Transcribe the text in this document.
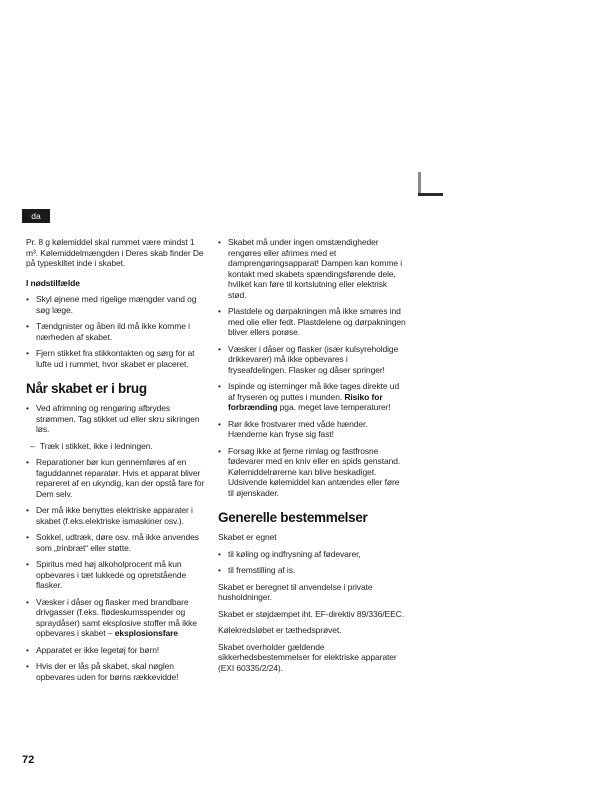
da
Pr. 8 g kølemiddel skal rummet være mindst 1 m³. Kølemiddelmængden i Deres skab finder De på typeskiltet inde i skabet.
I nødstilfælde
• Skyl øjnene med rigelige mængder vand og søg læge.
• Tændgnister og åben ild må ikke komme i nærheden af skabet.
• Fjern stikket fra stikkontakten og sørg for at lufte ud i rummet, hvor skabet er placeret.
Når skabet er i brug
• Ved afrimning og rengøring afbrydes strømmen. Tag stikket ud eller skru sikringen løs.
– Træk i stikket, ikke i ledningen.
• Reparationer bør kun gennemføres af en faguddannet reparatør. Hvis et apparat bliver repareret af en ukyndig, kan der opstå fare for Dem selv.
• Der må ikke benyttes elektriske apparater i skabet (f.eks.elektriske ismaskiner osv.).
• Sokkel, udtræk, døre osv. må ikke anvendes som „trinbræt“ eller støtte.
• Spiritus med høj alkoholprocent må kun opbevares i tæt lukkede og opretstående flasker.
• Væsker i dåser og flasker med brandbare drivgasser (f.eks. flødeskumsspender og spraydåser) samt eksplosive stoffer må ikke opbevares i skabet – eksplosionsfare
• Apparatet er ikke legetøj for børn!
• Hvis der er lås på skabet, skal nøglen opbevares uden for børns rækkevidde!
• Skabet må under ingen omstændigheder rengøres eller afrimes med et damprengøringsapparat! Dampen kan komme i kontakt med skabets spændingsførende dele, hvilket kan føre til kortslutning eller elektrisk stød.
• Plastdele og dørpakningen må ikke smøres ind med olie eller fedt. Plastdelene og dørpakningen bliver ellers porøse.
• Væsker i dåser og flasker (især kulsyreholdige drikkevarer) må ikke opbevares i fryseafdelingen. Flasker og dåser springer!
• Ispinde og isterninger må ikke tages direkte ud af fryseren og puttes i munden. Risiko for forbrænding pga. meget lave temperaturer!
• Rør ikke frostvarer med våde hænder. Hænderne kan fryse sig fast!
• Forsøg ikke at fjerne rimlag og fastfrosne fødevarer med en kniv eller en spids genstand. Kølemiddelrørerne kan blive beskadiget. Udsivende kølemiddel kan antændes eller føre til øjenskader.
Generelle bestemmelser
Skabet er egnet
• til køling og indfrysning af fødevarer,
• til fremstilling af is.
Skabet er beregnet til anvendelse i private husholdninger.
Skabet er støjdæmpet iht. EF-direktiv 89/336/EEC.
Kølekredsløbet er tæthedsprøvet.
Skabet overholder gældende sikkerhedsbestemmelser for elektriske apparater (EXI 60335/2/24).
72
